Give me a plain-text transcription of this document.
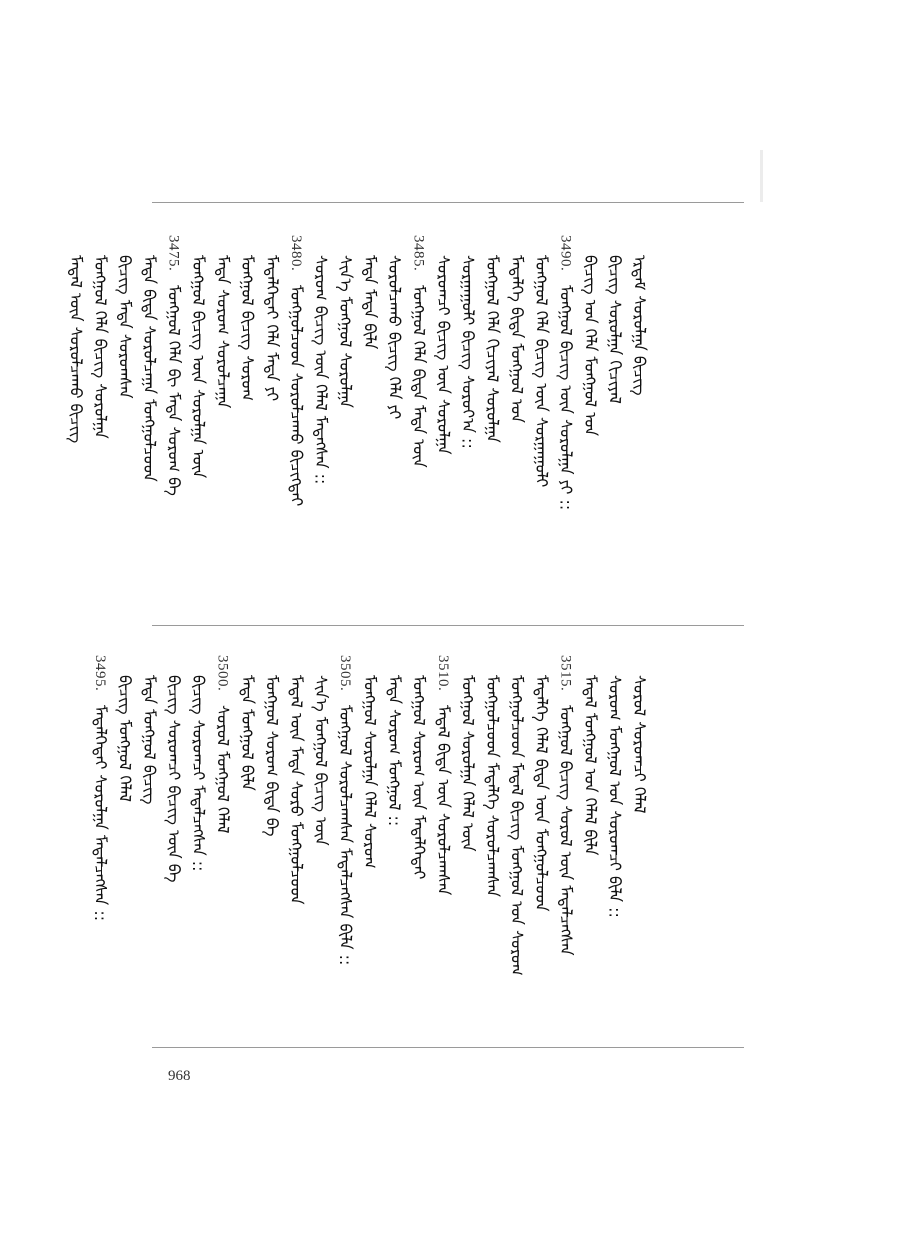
ᠡᠷᠳᠡᠮ ᠰᠤᠷᠤᠯᠭᠠ ᠪᠢᠴᠢᠭ
ᠪᠢᠴᠢᠭ ᠰᠤᠷᠤᠯᠭᠠ ᠬᠢᠴᠢᠶᠡᠯ
ᠪᠢᠴᠢᠭ ᠤᠨ ᠬᠡᠯᠡ ᠮᠣᠩᠭᠣᠯ ᠤᠨ
3490.
ᠮᠣᠩᠭᠣᠯ ᠪᠢᠴᠢᠭ ᠦᠨ ᠰᠤᠷᠤᠯᠭᠠ ᠶᠢ ::
ᠮᠣᠩᠭᠣᠯ ᠬᠡᠯᠡ ᠪᠢᠴᠢᠭ ᠦᠨ ᠰᠤᠷᠭᠠᠭᠤᠯᠢ
ᠮᠡᠳᠡᠯᠭᠡ ᠪᠢᠳᠡ ᠮᠣᠩᠭᠣᠯ ᠤᠨ
ᠮᠣᠩᠭᠣᠯ ᠬᠡᠯᠡ ᠬᠢᠴᠢᠶᠡᠯ ᠰᠤᠷᠤᠯᠭᠠ
ᠰᠤᠷᠭᠠᠭᠤᠯᠢ ᠪᠢᠴᠢᠭ ᠰᠤᠷᠤᠶ᠎ᠠ ::
ᠰᠤᠷᠤᠭᠴᠢ ᠪᠢᠴᠢᠭ ᠦᠨ ᠰᠤᠷᠤᠯᠭᠠ
3485.
ᠮᠣᠩᠭᠣᠯ ᠬᠡᠯᠡ ᠪᠢᠳᠡ ᠮᠡᠳᠡ ᠦᠨ
ᠰᠤᠷᠤᠯᠴᠠᠬᠤ ᠪᠢᠴᠢᠭ ᠬᠡᠯᠡ ᠶᠢ
ᠮᠡᠳᠡ ᠮᠡᠳᠡ ᠪᠢᠯᠡ
ᠰᠢᠨ᠎ᠡ ᠮᠣᠩᠭᠣᠯ ᠰᠤᠷᠤᠯᠭᠠ
ᠰᠤᠷᠤᠭ ᠪᠢᠴᠢᠭ ᠦᠨ ᠬᠡᠯᠡᠯ ᠮᠡᠳᠡᠭᠰᠡᠨ ::
3480.
ᠮᠣᠩᠭᠣᠯᠴᠤᠳ ᠰᠤᠷᠤᠯᠴᠠᠬᠤ ᠪᠢᠴᠢᠭᠲᠡᠢ
ᠮᠡᠳᠡᠯᠭᠡᠲᠡᠢ ᠬᠡᠯᠡ ᠮᠡᠳᠡ ᠶᠢ
ᠮᠣᠩᠭᠣᠯ ᠪᠢᠴᠢᠭ ᠰᠤᠷᠤᠭ
ᠮᠡᠳᠡ ᠰᠤᠷᠤᠭ ᠰᠤᠷᠤᠯᠴᠠᠭᠠ
ᠮᠣᠩᠭᠣᠯ ᠪᠢᠴᠢᠭ ᠦᠨ ᠰᠤᠷᠤᠯᠭᠠ ᠦᠨ
3475.
ᠮᠣᠩᠭᠣᠯ ᠬᠡᠯᠡ ᠪᠢ ᠮᠡᠳᠡ ᠰᠤᠷᠤᠭ ᠪᠠ
ᠮᠡᠳᠡ ᠪᠢᠳᠡ ᠰᠤᠷᠤᠯᠴᠠᠭᠠ ᠮᠣᠩᠭᠣᠯᠴᠤᠳ
ᠪᠢᠴᠢᠭ ᠮᠡᠳᠡ ᠰᠤᠷᠤᠭᠰᠠᠨ
ᠮᠣᠩᠭᠣᠯ ᠬᠡᠯᠡ ᠪᠢᠴᠢᠭ ᠰᠤᠷᠤᠯᠭᠠ
ᠮᠡᠳᠡᠯ ᠦᠨ ᠰᠤᠷᠤᠯᠴᠠᠬᠤ ᠪᠢᠴᠢᠭ
ᠰᠤᠷᠤᠯ ᠰᠤᠷᠤᠭᠴᠢ ᠬᠡᠯᠡᠯ
ᠰᠤᠷᠤᠭ ᠮᠣᠩᠭᠣᠯ ᠤᠨ ᠰᠤᠷᠤᠭᠴᠢ ᠪᠢᠯᠡ ::
ᠮᠡᠳᠡᠯ ᠮᠣᠩᠭᠣᠯ ᠤᠨ ᠬᠡᠯᠡᠯ ᠪᠢᠯᠡ
3515.
ᠮᠣᠩᠭᠣᠯ ᠪᠢᠴᠢᠭ ᠰᠤᠷᠤᠯ ᠦᠨ ᠮᠡᠳᠡᠯᠴᠡᠭᠰᠡᠨ
ᠮᠡᠳᠡᠯᠭᠡ ᠬᠡᠯᠡᠯ ᠪᠢᠳᠡ ᠦᠨ ᠮᠣᠩᠭᠣᠯᠴᠤᠳ
ᠮᠣᠩᠭᠣᠯᠴᠤᠳ ᠮᠡᠳᠡᠯ ᠪᠢᠴᠢᠭ ᠮᠣᠩᠭᠣᠯ ᠤᠨ ᠰᠤᠷᠤᠭ
ᠮᠣᠩᠭᠣᠯᠴᠤᠳ ᠮᠡᠳᠡᠯᠭᠡ ᠰᠤᠷᠤᠯᠴᠠᠭᠰᠠᠨ
ᠮᠣᠩᠭᠣᠯ ᠰᠤᠷᠤᠯᠭᠠ ᠬᠡᠯᠡᠯ ᠦᠨ
3510.
ᠮᠡᠳᠡᠯ ᠪᠢᠳᠡ ᠦᠨ ᠰᠤᠷᠤᠯᠴᠠᠭᠰᠠᠨ
ᠮᠣᠩᠭᠣᠯ ᠰᠤᠷᠤᠭ ᠦᠨ ᠮᠡᠳᠡᠯᠭᠡᠲᠡᠢ
ᠮᠡᠳᠡ ᠰᠤᠷᠤᠭ ᠮᠣᠩᠭᠣᠯ ::
ᠮᠣᠩᠭᠣᠯ ᠰᠤᠷᠤᠯᠭᠠ ᠬᠡᠯᠡᠯ ᠰᠤᠷᠤᠭ
3505.
ᠮᠣᠩᠭᠣᠯ ᠰᠤᠷᠤᠯᠴᠠᠭᠰᠠᠨ ᠮᠡᠳᠡᠯᠴᠡᠭᠰᠡᠨ ᠪᠢᠯᠡ ::
ᠰᠢᠨ᠎ᠡ ᠮᠣᠩᠭᠣᠯ ᠪᠢᠴᠢᠭ ᠦᠨ
ᠮᠡᠳᠡᠯ ᠦᠨ ᠮᠡᠳᠡ ᠰᠤᠷᠤ ᠮᠣᠩᠭᠣᠯᠴᠤᠳ
ᠮᠣᠩᠭᠣᠯ ᠰᠤᠷᠤᠭ ᠪᠢᠳᠡ ᠪᠠ
ᠮᠡᠳᠡ ᠮᠣᠩᠭᠣᠯ ᠪᠢᠯᠡ
3500.
ᠰᠤᠷᠤᠯ ᠮᠣᠩᠭᠣᠯ ᠬᠡᠯᠡᠯ
ᠪᠢᠴᠢᠭ ᠰᠤᠷᠤᠭᠴᠢ ᠮᠡᠳᠡᠯᠴᠡᠭᠰᠡᠨ ::
ᠪᠢᠴᠢᠭ ᠰᠤᠷᠤᠭᠴᠢ ᠪᠢᠴᠢᠭ ᠦᠨ ᠪᠠ
ᠮᠡᠳᠡ ᠮᠣᠩᠭᠣᠯ ᠪᠢᠴᠢᠭ
ᠪᠢᠴᠢᠭ ᠮᠣᠩᠭᠣᠯ ᠬᠡᠯᠡᠯ
3495.
ᠮᠡᠳᠡᠯᠭᠡᠲᠡᠢ ᠰᠤᠷᠤᠯᠭᠠ ᠮᠡᠳᠡᠯᠴᠡᠭᠰᠡᠨ ::
968
